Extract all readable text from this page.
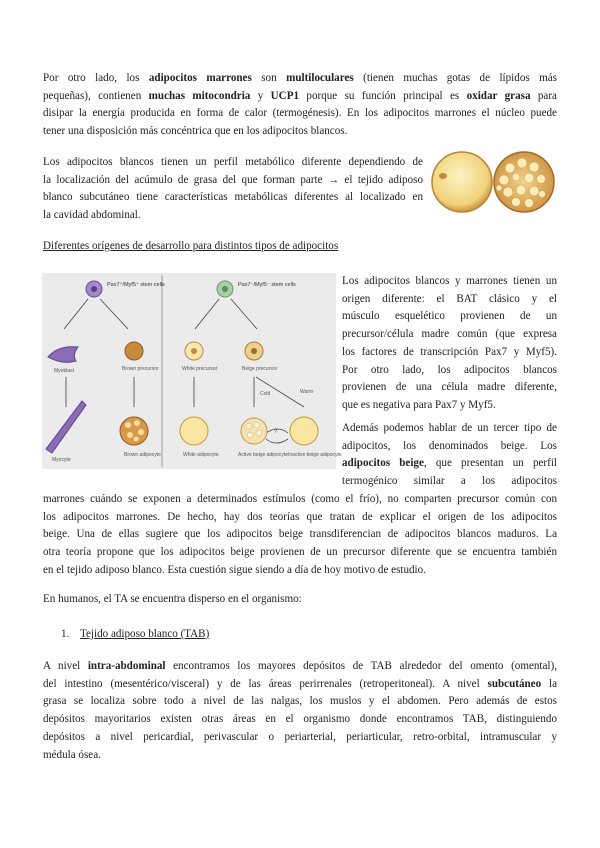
Por otro lado, los adipocitos marrones son multiloculares (tienen muchas gotas de lípidos más
pequeñas), contienen muchas mitocondria y UCP1 porque su función principal es oxidar grasa para
disipar la energía producida en forma de calor (termogénesis). En los adipocitos marrones el núcleo puede
tener una disposición más concéntrica que en los adipocitos blancos.
Los adipocitos blancos tienen un perfil metabólico diferente dependiendo de
la localización del acúmulo de grasa del que forman parte → el tejido adiposo
blanco subcutáneo tiene características metabólicas diferentes al localizado en
la cavidad abdominal.
Diferentes orígenes de desarrollo para distintos tipos de adipocitos
Pax7⁺/Myf5⁺ stem cells	Pax7⁻/Myf5⁻ stem cells
Myoblast	Brown precursor	White precursor	Beige precursor
Cold	Warm
?
Myocyte
Brown adipocyte	White adipocyte	Active beige adipocyte Inactive beige adipocyte
Los adipocitos blancos y marrones tienen un
origen diferente: el BAT clásico y el
músculo esquelético provienen de un
precursor/célula madre común (que expresa
los factores de transcripción Pax7 y Myf5).
Por otro lado, los adipocitos blancos
provienen de una célula madre diferente,
que es negativa para Pax7 y Myf5.
Además podemos hablar de un tercer tipo de
adipocitos, los denominados beige. Los
adipocitos beige, que presentan un perfil
termogénico similar a los adipocitos
marrones cuándo se exponen a determinados estímulos (como el frío), no comparten precursor común con
los adipocitos marrones. De hecho, hay dos teorías que tratan de explicar el origen de los adipocitos
beige. Una de ellas sugiere que los adipocitos beige transdiferencian de adipocitos blancos maduros. La
otra teoría propone que los adipocitos beige provienen de un precursor diferente que se encuentra también
en el tejido adiposo blanco. Esta cuestión sigue siendo a día de hoy motivo de estudio.
En humanos, el TA se encuentra disperso en el organismo:
1. Tejido adiposo blanco (TAB)
A nivel intra-abdominal encontramos los mayores depósitos de TAB alrededor del omento (omental),
del intestino (mesentérico/visceral) y de las áreas perirrenales (retroperitoneal). A nivel subcutáneo la
grasa se localiza sobre todo a nivel de las nalgas, los muslos y el abdomen. Pero además de estos
depósitos mayoritarios existen otras áreas en el organismo donde encontramos TAB, distinguiendo
depósitos a nivel pericardial, perivascular o periarterial, periarticular, retro-orbital, intramuscular y
médula ósea.
